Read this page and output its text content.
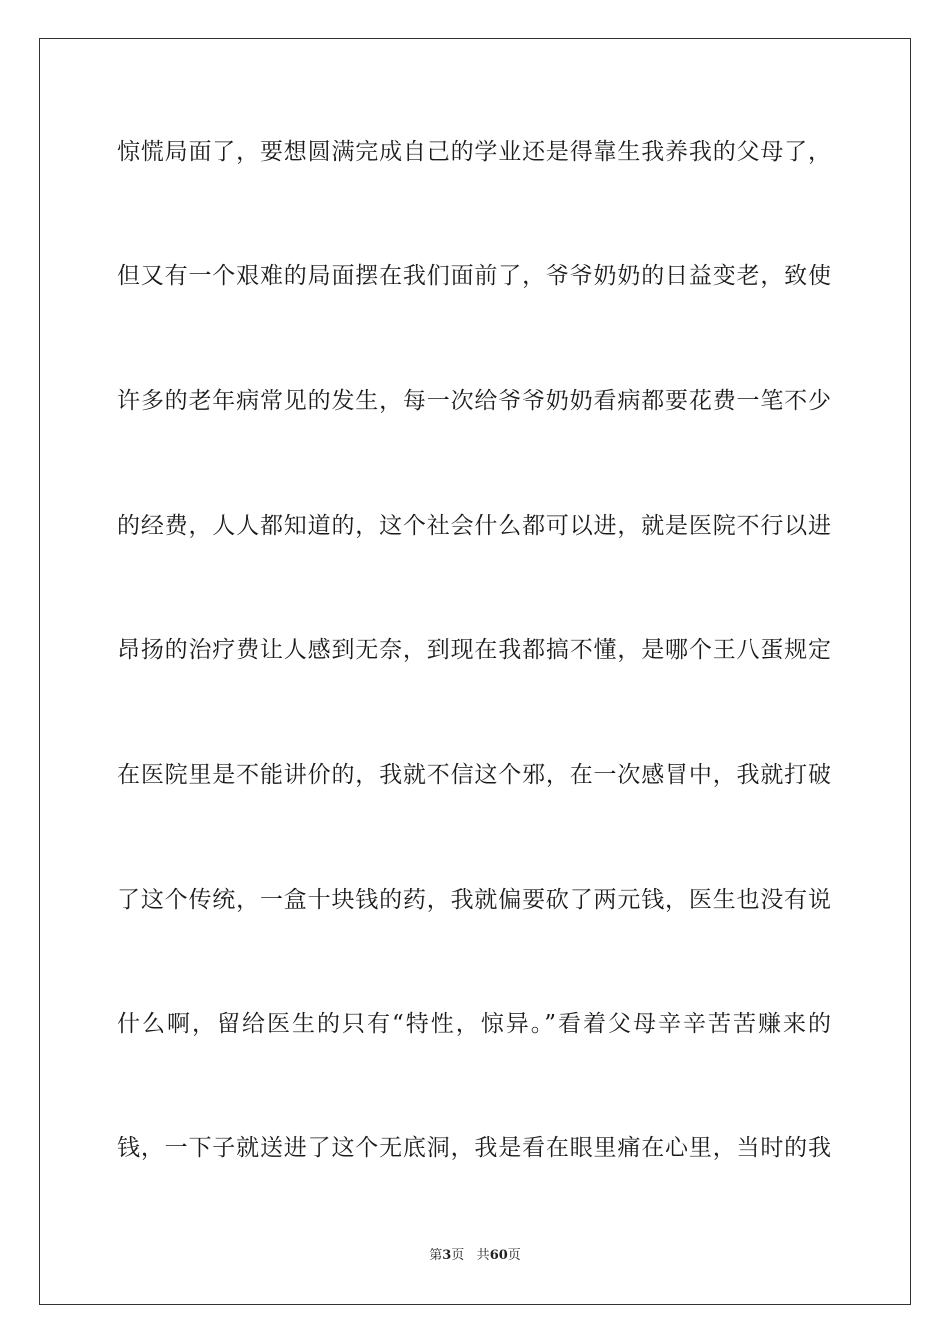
惊慌局面了，要想圆满完成自己的学业还是得靠生我养我的父母了，
但又有一个艰难的局面摆在我们面前了，爷爷奶奶的日益变老，致使
许多的老年病常见的发生，每一次给爷爷奶奶看病都要花费一笔不少
的经费，人人都知道的，这个社会什么都可以进，就是医院不行以进
昂扬的治疗费让人感到无奈，到现在我都搞不懂，是哪个王八蛋规定
在医院里是不能讲价的，我就不信这个邪，在一次感冒中，我就打破
了这个传统，一盒十块钱的药，我就偏要砍了两元钱，医生也没有说
什么啊，留给医生的只有“特性，惊异。”看着父母辛辛苦苦赚来的
钱，一下子就送进了这个无底洞，我是看在眼里痛在心里，当时的我
第3页 共60页
